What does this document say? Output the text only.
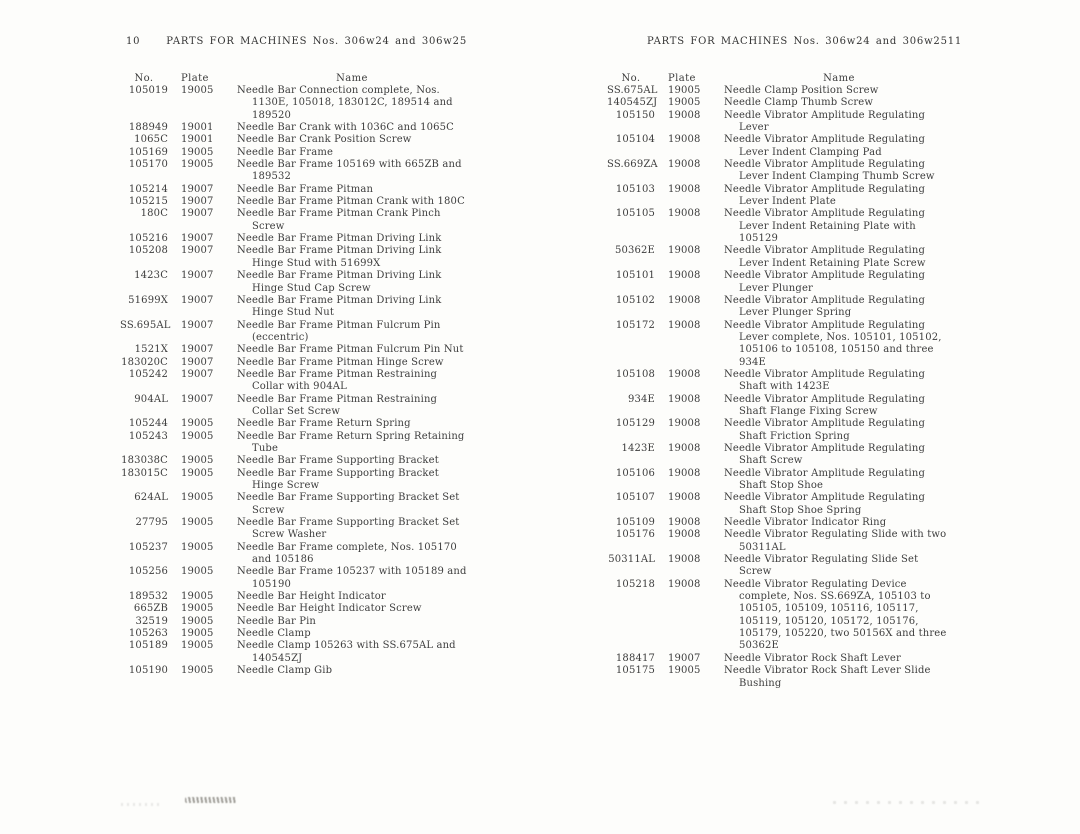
10	PARTS FOR MACHINES Nos. 306w24 and 306w25
No.	Plate	Name
105019 19005	Needle Bar Connection complete, Nos. 1130E, 105018, 183012C, 189514 and 189520
188949 19001	Needle Bar Crank with 1036C and 1065C
1065C 19001	Needle Bar Crank Position Screw
105169 19005	Needle Bar Frame
105170 19005	Needle Bar Frame 105169 with 665ZB and 189532
105214 19007	Needle Bar Frame Pitman
105215 19007	Needle Bar Frame Pitman Crank with 180C
180C 19007	Needle Bar Frame Pitman Crank Pinch Screw
105216 19007	Needle Bar Frame Pitman Driving Link
105208 19007	Needle Bar Frame Pitman Driving Link Hinge Stud with 51699X
1423C 19007	Needle Bar Frame Pitman Driving Link Hinge Stud Cap Screw
51699X 19007	Needle Bar Frame Pitman Driving Link Hinge Stud Nut
SS.695AL 19007	Needle Bar Frame Pitman Fulcrum Pin (eccentric)
1521X 19007	Needle Bar Frame Pitman Fulcrum Pin Nut
183020C 19007	Needle Bar Frame Pitman Hinge Screw
105242 19007	Needle Bar Frame Pitman Restraining Collar with 904AL
904AL 19007	Needle Bar Frame Pitman Restraining Collar Set Screw
105244 19005	Needle Bar Frame Return Spring
105243 19005	Needle Bar Frame Return Spring Retaining Tube
183038C 19005	Needle Bar Frame Supporting Bracket
183015C 19005	Needle Bar Frame Supporting Bracket Hinge Screw
624AL 19005	Needle Bar Frame Supporting Bracket Set Screw
27795 19005	Needle Bar Frame Supporting Bracket Set Screw Washer
105237 19005	Needle Bar Frame complete, Nos. 105170 and 105186
105256 19005	Needle Bar Frame 105237 with 105189 and 105190
189532 19005	Needle Bar Height Indicator
665ZB 19005	Needle Bar Height Indicator Screw
32519 19005	Needle Bar Pin
105263 19005	Needle Clamp
105189 19005	Needle Clamp 105263 with SS.675AL and 140545ZJ
105190 19005	Needle Clamp Gib
PARTS FOR MACHINES Nos. 306w24 and 306w25 11
No.	Plate	Name
SS.675AL 19005	Needle Clamp Position Screw
140545ZJ 19005	Needle Clamp Thumb Screw
105150 19008	Needle Vibrator Amplitude Regulating Lever
105104 19008	Needle Vibrator Amplitude Regulating Lever Indent Clamping Pad
SS.669ZA 19008	Needle Vibrator Amplitude Regulating Lever Indent Clamping Thumb Screw
105103 19008	Needle Vibrator Amplitude Regulating Lever Indent Plate
105105 19008	Needle Vibrator Amplitude Regulating Lever Indent Retaining Plate with 105129
50362E 19008	Needle Vibrator Amplitude Regulating Lever Indent Retaining Plate Screw
105101 19008	Needle Vibrator Amplitude Regulating Lever Plunger
105102 19008	Needle Vibrator Amplitude Regulating Lever Plunger Spring
105172 19008	Needle Vibrator Amplitude Regulating Lever complete, Nos. 105101, 105102, 105106 to 105108, 105150 and three 934E
105108 19008	Needle Vibrator Amplitude Regulating Shaft with 1423E
934E 19008	Needle Vibrator Amplitude Regulating Shaft Flange Fixing Screw
105129 19008	Needle Vibrator Amplitude Regulating Shaft Friction Spring
1423E 19008	Needle Vibrator Amplitude Regulating Shaft Screw
105106 19008	Needle Vibrator Amplitude Regulating Shaft Stop Shoe
105107 19008	Needle Vibrator Amplitude Regulating Shaft Stop Shoe Spring
105109 19008	Needle Vibrator Indicator Ring
105176 19008	Needle Vibrator Regulating Slide with two 50311AL
50311AL 19008	Needle Vibrator Regulating Slide Set Screw
105218 19008	Needle Vibrator Regulating Device complete, Nos. SS.669ZA, 105103 to 105105, 105109, 105116, 105117, 105119, 105120, 105172, 105176, 105179, 105220, two 50156X and three 50362E
188417 19007	Needle Vibrator Rock Shaft Lever
105175 19005	Needle Vibrator Rock Shaft Lever Slide Bushing
